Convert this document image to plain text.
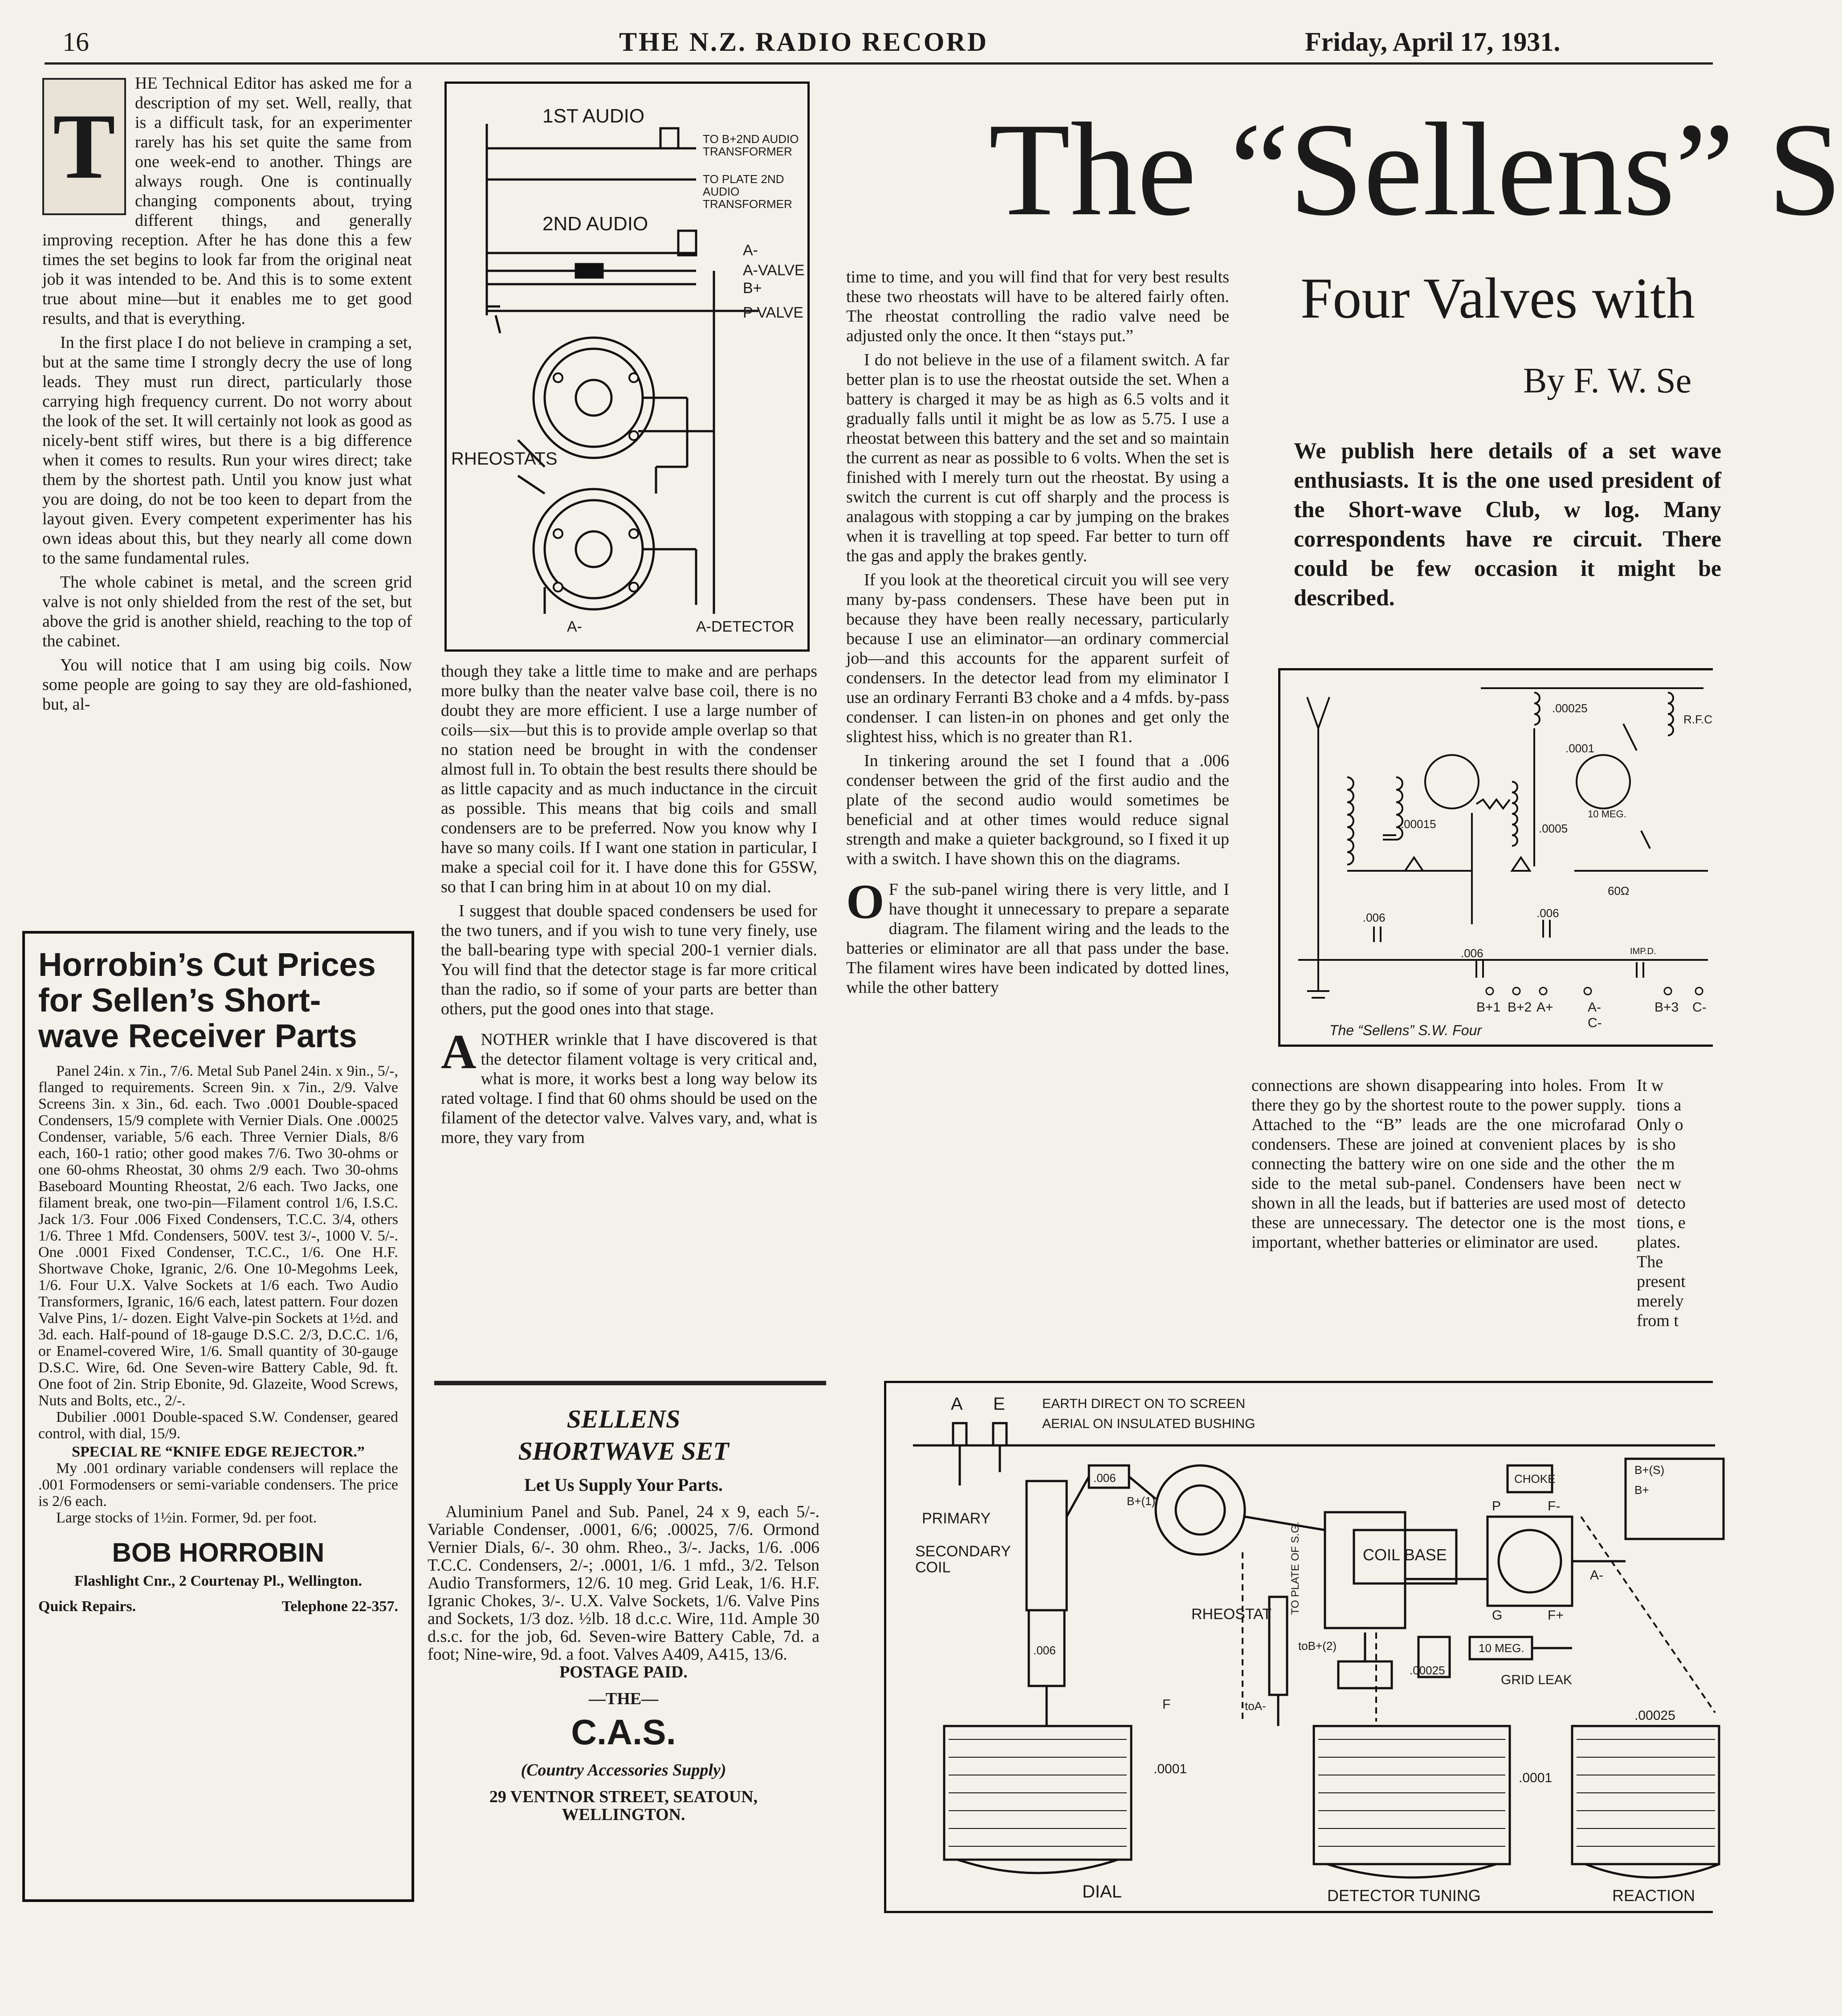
16	THE N.Z. RADIO RECORD	Friday, April 17, 1931.
T

HE Technical Editor has asked me for a description of my set. Well, really, that is a difficult task, for an experimenter rarely has his set quite the same from one week-end to another. Things are always rough. One is continually changing components about, trying different things, and generally improving reception. After he has done this a few times the set begins to look far from the original neat job it was intended to be. And this is to some extent true about mine—but it enables me to get good results, and that is everything.

In the first place I do not believe in cramping a set, but at the same time I strongly decry the use of long leads. They must run direct, particularly those carrying high frequency current. Do not worry about the look of the set. It will certainly not look as good as nicely-bent stiff wires, but there is a big difference when it comes to results. Run your wires direct; take them by the shortest path. Until you know just what you are doing, do not be too keen to depart from the layout given. Every competent experimenter has his own ideas about this, but they nearly all come down to the same fundamental rules.

The whole cabinet is metal, and the screen grid valve is not only shielded from the rest of the set, but above the grid is another shield, reaching to the top of the cabinet.

You will notice that I am using big coils. Now some people are going to say they are old-fashioned, but, al-

Horrobin’s Cut Prices for Sellen’s Short-wave Receiver Parts

Panel 24in. x 7in., 7/6. Metal Sub Panel 24in. x 9in., 5/-, flanged to requirements. Screen 9in. x 7in., 2/9. Valve Screens 3in. x 3in., 6d. each. Two .0001 Double-spaced Condensers, 15/9 complete with Vernier Dials. One .00025 Condenser, variable, 5/6 each. Three Vernier Dials, 8/6 each, 160-1 ratio; other good makes 7/6. Two 30-ohms or one 60-ohms Rheostat, 30 ohms 2/9 each. Two 30-ohms Baseboard Mounting Rheostat, 2/6 each. Two Jacks, one filament break, one two-pin—Filament control 1/6, I.S.C. Jack 1/3. Four .006 Fixed Condensers, T.C.C. 3/4, others 1/6. Three 1 Mfd. Condensers, 500V. test 3/-, 1000 V. 5/-. One .0001 Fixed Condenser, T.C.C., 1/6. One H.F. Shortwave Choke, Igranic, 2/6. One 10-Megohms Leek, 1/6. Four U.X. Valve Sockets at 1/6 each. Two Audio Transformers, Igranic, 16/6 each, latest pattern. Four dozen Valve Pins, 1/- dozen. Eight Valve-pin Sockets at 1½d. and 3d. each. Half-pound of 18-gauge D.S.C. 2/3, D.C.C. 1/6, or Enamel-covered Wire, 1/6. Small quantity of 30-gauge D.S.C. Wire, 6d. One Seven-wire Battery Cable, 9d. ft. One foot of 2in. Strip Ebonite, 9d. Glazeite, Wood Screws, Nuts and Bolts, etc., 2/-.

Dubilier .0001 Double-spaced S.W. Condenser, geared control, with dial, 15/9.

SPECIAL RE “KNIFE EDGE REJECTOR.”

My .001 ordinary variable condensers will replace the .001 Formodensers or semi-variable condensers. The price is 2/6 each.

Large stocks of 1½in. Former, 9d. per foot.

BOB HORROBIN
Flashlight Cnr., 2 Courtenay Pl., Wellington.
Quick Repairs.	Telephone 22-357.
1ST AUDIO
TO B+2ND AUDIO TRANSFORMER
TO PLATE 2ND AUDIO TRANSFORMER
2ND AUDIO
A-
A-VALVE
B+
P VALVE
RHEOSTATS
A-	A-DETECTOR

though they take a little time to make and are perhaps more bulky than the neater valve base coil, there is no doubt they are more efficient. I use a large number of coils—six—but this is to provide ample overlap so that no station need be brought in with the condenser almost full in. To obtain the best results there should be as little capacity and as much inductance in the circuit as possible. This means that big coils and small condensers are to be preferred. Now you know why I have so many coils. If I want one station in particular, I make a special coil for it. I have done this for G5SW, so that I can bring him in at about 10 on my dial.

I suggest that double spaced condensers be used for the two tuners, and if you wish to tune very finely, use the ball-bearing type with special 200-1 vernier dials. You will find that the detector stage is far more critical than the radio, so if some of your parts are better than others, put the good ones into that stage.

ANOTHER wrinkle that I have discovered is that the detector filament voltage is very critical and, what is more, it works best a long way below its rated voltage. I find that 60 ohms should be used on the filament of the detector valve. Valves vary, and, what is more, they vary from

SELLENS SHORTWAVE SET
Let Us Supply Your Parts.
Aluminium Panel and Sub. Panel, 24 x 9, each 5/-. Variable Condenser, .0001, 6/6; .00025, 7/6. Ormond Vernier Dials, 6/-. 30 ohm. Rheo., 3/-. Jacks, 1/6. .006 T.C.C. Condensers, 2/-; .0001, 1/6. 1 mfd., 3/2. Telson Audio Transformers, 12/6. 10 meg. Grid Leak, 1/6. H.F. Igranic Chokes, 3/-. U.X. Valve Sockets, 1/6. Valve Pins and Sockets, 1/3 doz. ½lb. 18 d.c.c. Wire, 11d. Ample 30 d.s.c. for the job, 6d. Seven-wire Battery Cable, 7d. a foot; Nine-wire, 9d. a foot. Valves A409, A415, 13/6.
POSTAGE PAID.
—THE—
C.A.S.
(Country Accessories Supply)
29 VENTNOR STREET, SEATOUN, WELLINGTON.

time to time, and you will find that for very best results these two rheostats will have to be altered fairly often. The rheostat controlling the radio valve need be adjusted only the once. It then “stays put.”

I do not believe in the use of a filament switch. A far better plan is to use the rheostat outside the set. When a battery is charged it may be as high as 6.5 volts and it gradually falls until it might be as low as 5.75. I use a rheostat between this battery and the set and so maintain the current as near as possible to 6 volts. When the set is finished with I merely turn out the rheostat. By using a switch the current is cut off sharply and the process is analagous with stopping a car by jumping on the brakes when it is travelling at top speed. Far better to turn off the gas and apply the brakes gently.

If you look at the theoretical circuit you will see very many by-pass condensers. These have been put in because they have been really necessary, particularly because I use an eliminator—an ordinary commercial job—and this accounts for the apparent surfeit of condensers. In the detector lead from my eliminator I use an ordinary Ferranti B3 choke and a 4 mfds. by-pass condenser. I can listen-in on phones and get only the slightest hiss, which is no greater than R1.

In tinkering around the set I found that a .006 condenser between the grid of the first audio and the plate of the second audio would sometimes be beneficial and at other times would reduce signal strength and make a quieter background, so I fixed it up with a switch. I have shown this on the diagrams.

O F the sub-panel wiring there is very little, and I have thought it unnecessary to prepare a separate diagram. The filament wiring and the leads to the batteries or eliminator are all that pass under the base. The filament wires have been indicated by dotted lines, while the other battery

The “Sellens” S
Four Valves with
By F. W. Se
We publish here details of a set wave enthusiasts. It is the one used president of the Short-wave Club, w log. Many correspondents have re circuit. There could be few occasion it might be described.
.00025
.0001
.00015	.0005
10 MEG.
.006	.006
60Ω
.006	IMP.D.
R.F.C
B+1 B+2 A+	A-
C-
B+3 C-
The “Sellens” S.W. Four

connections are shown disappearing into holes. From there they go by the shortest route to the power supply. Attached to the “B” leads are the one microfarad condensers. These are joined at convenient places by connecting the battery wire on one side and the other side to the metal sub-panel. Condensers have been shown in all the leads, but if batteries are used most of these are unnecessary. The detector one is the most important, whether batteries or eliminator are used.

It w
tions a
Only o
is sho
the m
nect w
detecto
tions, e
plates.
The
present
merely
from t
A E	EARTH DIRECT ON TO SCREEN
AERIAL ON INSULATED BUSHING
PRIMARY
SECONDARY COIL
.006
B+(1)
RHEOSTAT TO PLATE OF S.G.	COIL BASE
toB+(2)
.00025
10 MEG.
GRID LEAK
CHOKE
B+(S)
B+
P	F-
G	F+
A-
toA-
.006
.0001
.0001
.00025
F
DIAL	DETECTOR TUNING	REACTION
